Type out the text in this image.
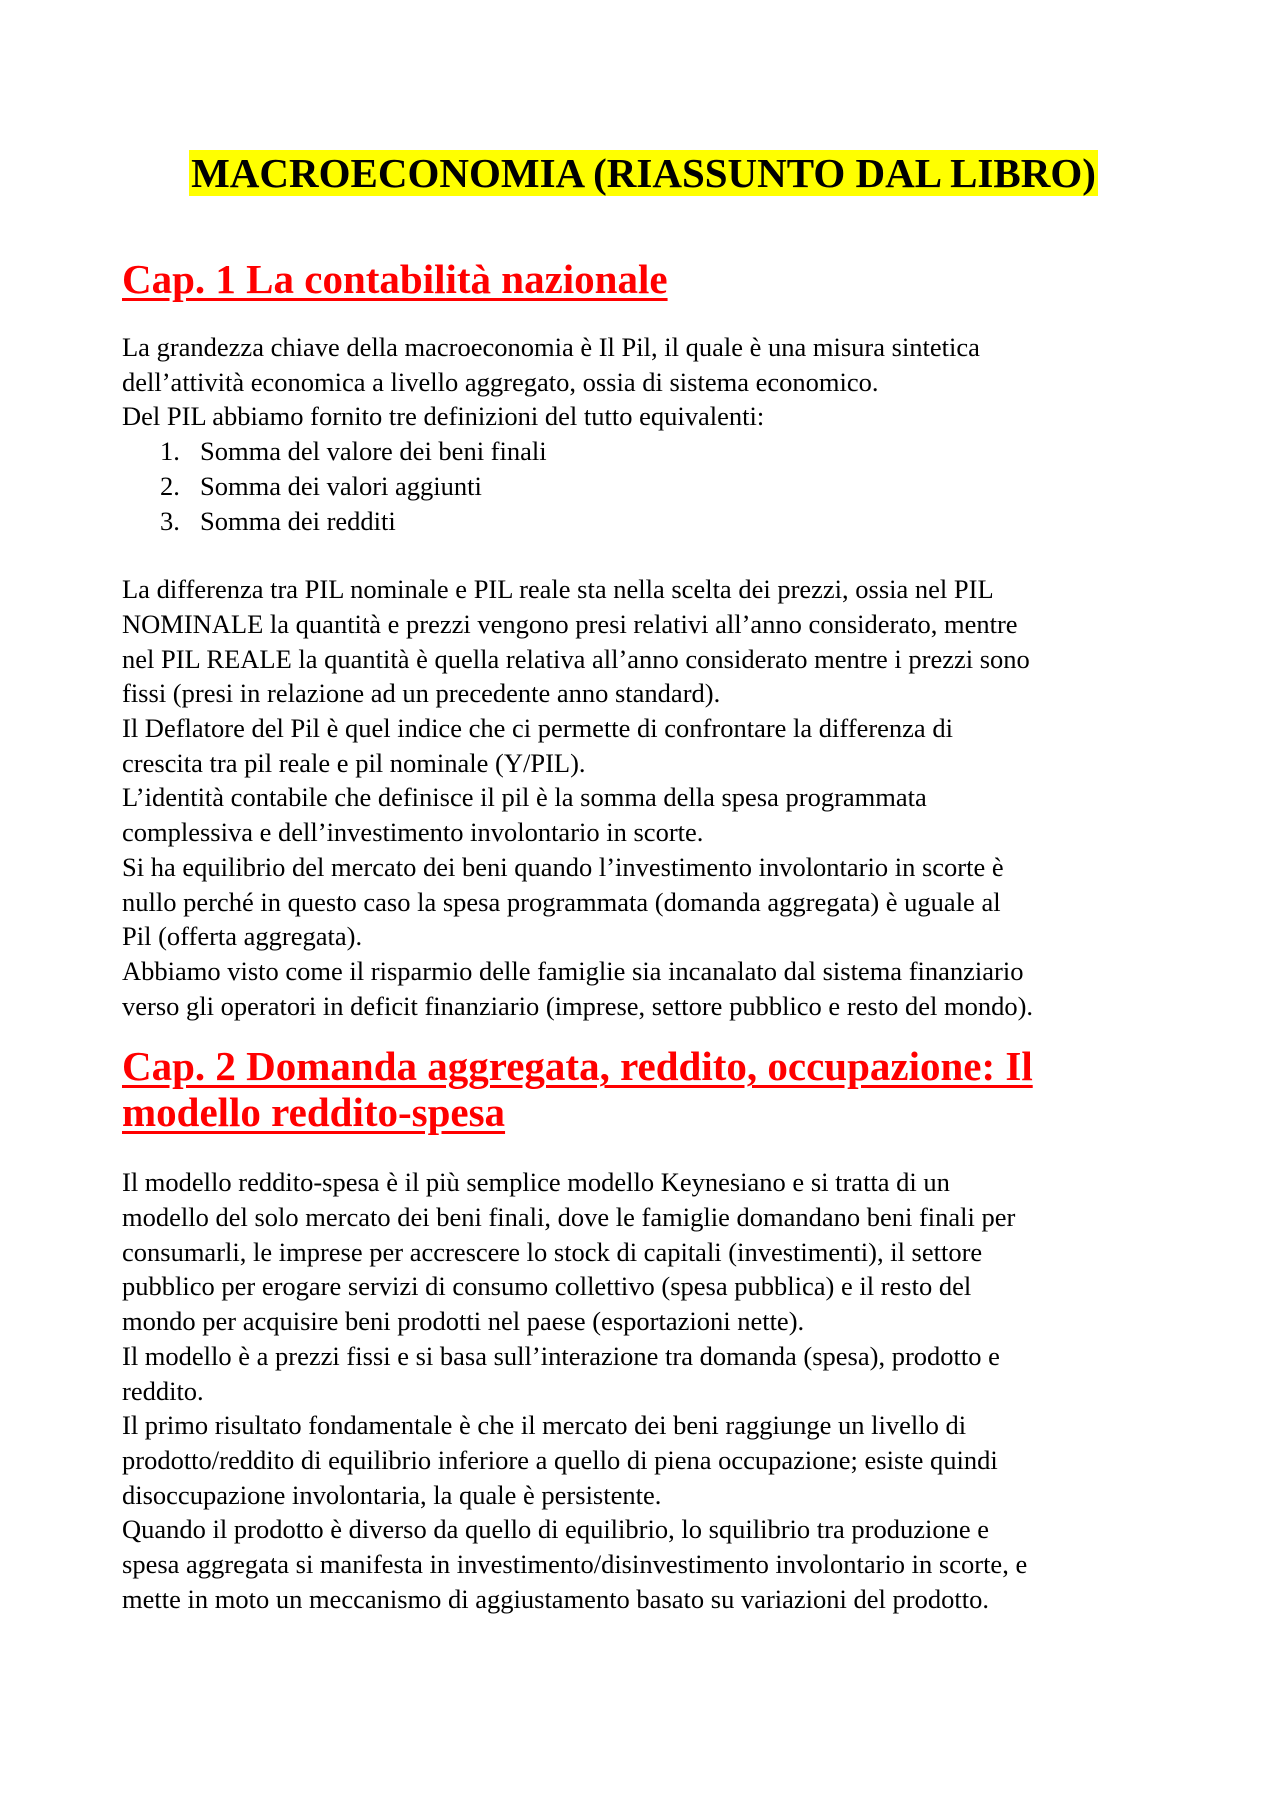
MACROECONOMIA (RIASSUNTO DAL LIBRO)
Cap. 1 La contabilità nazionale
La grandezza chiave della macroeconomia è Il Pil, il quale è una misura sintetica
dell’attività economica a livello aggregato, ossia di sistema economico.
Del PIL abbiamo fornito tre definizioni del tutto equivalenti:
1. Somma del valore dei beni finali
2. Somma dei valori aggiunti
3. Somma dei redditi
La differenza tra PIL nominale e PIL reale sta nella scelta dei prezzi, ossia nel PIL
NOMINALE la quantità e prezzi vengono presi relativi all’anno considerato, mentre
nel PIL REALE la quantità è quella relativa all’anno considerato mentre i prezzi sono
fissi (presi in relazione ad un precedente anno standard).
Il Deflatore del Pil è quel indice che ci permette di confrontare la differenza di
crescita tra pil reale e pil nominale (Y/PIL).
L’identità contabile che definisce il pil è la somma della spesa programmata
complessiva e dell’investimento involontario in scorte.
Si ha equilibrio del mercato dei beni quando l’investimento involontario in scorte è
nullo perché in questo caso la spesa programmata (domanda aggregata) è uguale al
Pil (offerta aggregata).
Abbiamo visto come il risparmio delle famiglie sia incanalato dal sistema finanziario
verso gli operatori in deficit finanziario (imprese, settore pubblico e resto del mondo).
Cap. 2 Domanda aggregata, reddito, occupazione: Il
modello reddito-spesa
Il modello reddito-spesa è il più semplice modello Keynesiano e si tratta di un
modello del solo mercato dei beni finali, dove le famiglie domandano beni finali per
consumarli, le imprese per accrescere lo stock di capitali (investimenti), il settore
pubblico per erogare servizi di consumo collettivo (spesa pubblica) e il resto del
mondo per acquisire beni prodotti nel paese (esportazioni nette).
Il modello è a prezzi fissi e si basa sull’interazione tra domanda (spesa), prodotto e
reddito.
Il primo risultato fondamentale è che il mercato dei beni raggiunge un livello di
prodotto/reddito di equilibrio inferiore a quello di piena occupazione; esiste quindi
disoccupazione involontaria, la quale è persistente.
Quando il prodotto è diverso da quello di equilibrio, lo squilibrio tra produzione e
spesa aggregata si manifesta in investimento/disinvestimento involontario in scorte, e
mette in moto un meccanismo di aggiustamento basato su variazioni del prodotto.
